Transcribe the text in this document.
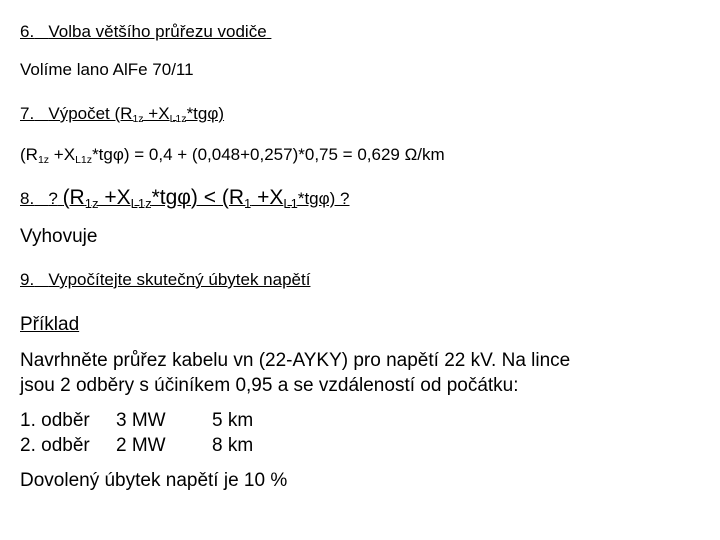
6. Volba většího průřezu vodiče
Volíme lano AlFe 70/11
7. Výpočet $(R_{1z} +X_{L1z}*tg\varphi)$
$(R_{1z} +X_{L1z}*tg\varphi) = 0,4 + (0,048+0,257)*0,75 = 0,629$ Ω/km
8. ? $(R_{1z} +X_{L1z}*tg\varphi) < (R_1 +X_{L1}*tg\varphi)$ ?
Vyhovuje
9. Vypočítejte skutečný úbytek napětí
Příklad
Navrhněte průřez kabelu vn (22-AYKY) pro napětí 22 kV. Na lince
jsou 2 odběry s účiníkem 0,95 a se vzdáleností od počátku:
1. odběr 3 MW 5 km
2. odběr 2 MW 8 km
Dovolený úbytek napětí je 10 %
